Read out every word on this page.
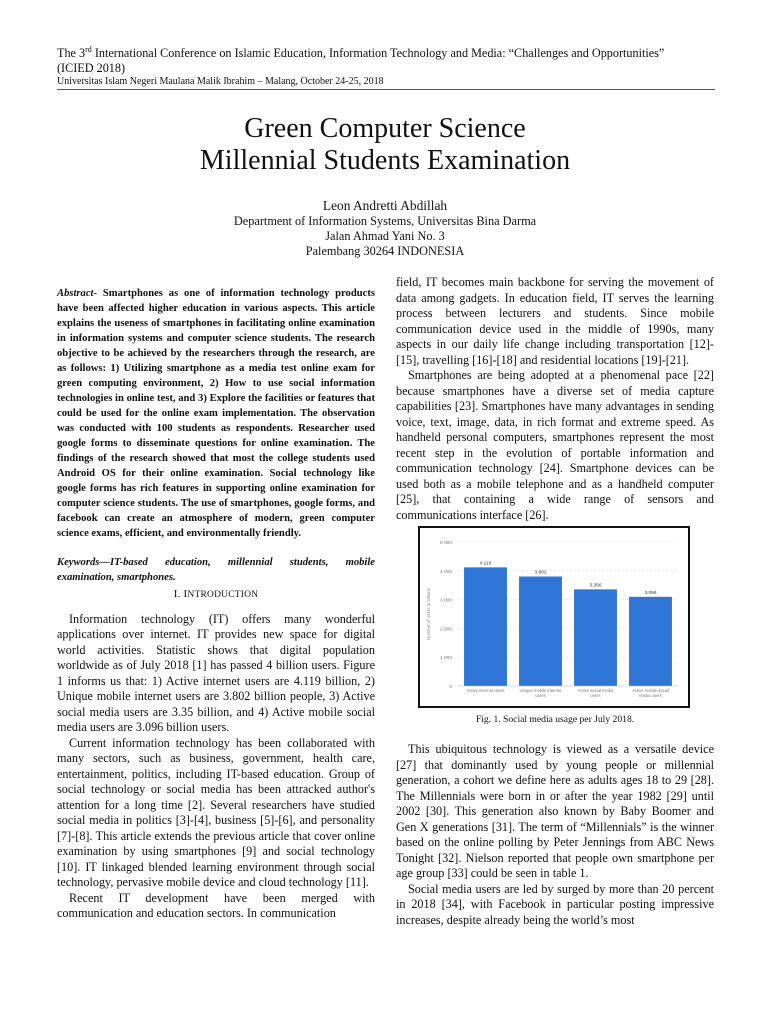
The 3rd International Conference on Islamic Education, Information Technology and Media: “Challenges and Opportunities”
(ICIED 2018)
Universitas Islam Negeri Maulana Malik Ibrahim – Malang, October 24-25, 2018
Green Computer Science
Millennial Students Examination
Leon Andretti Abdillah
Department of Information Systems, Universitas Bina Darma
Jalan Ahmad Yani No. 3
Palembang 30264 INDONESIA

Abstract- Smartphones as one of information technology products have been affected higher education in various aspects. This article explains the useness of smartphones in facilitating online examination in information systems and computer science students. The research objective to be achieved by the researchers through the research, are as follows: 1) Utilizing smartphone as a media test online exam for green computing environment, 2) How to use social information technologies in online test, and 3) Explore the facilities or features that could be used for the online exam implementation. The observation was conducted with 100 students as respondents. Researcher used google forms to disseminate questions for online examination. The findings of the research showed that most the college students used Android OS for their online examination. Social technology like google forms has rich features in supporting online examination for computer science students. The use of smartphones, google forms, and facebook can create an atmosphere of modern, green computer science exams, efficient, and environmentally friendly.

Keywords—IT-based education, millennial students, mobile examination, smartphones.

I. INTRODUCTION

Information technology (IT) offers many wonderful applications over internet. IT provides new space for digital world activities. Statistic shows that digital population worldwide as of July 2018 [1] has passed 4 billion users. Figure 1 informs us that: 1) Active internet users are 4.119 billion, 2) Unique mobile internet users are 3.802 billion people, 3) Active social media users are 3.35 billion, and 4) Active mobile social media users are 3.096 billion users.

Current information technology has been collaborated with many sectors, such as business, government, health care, entertainment, politics, including IT-based education. Group of social technology or social media has been attracked author's attention for a long time [2]. Several researchers have studied social media in politics [3]-[4], business [5]-[6], and personality [7]-[8]. This article extends the previous article that cover online examination by using smartphones [9] and social technology [10]. IT linkaged blended learning environment through social technology, pervasive mobile device and cloud technology [11].

Recent IT development have been merged with communication and education sectors. In communication

field, IT becomes main backbone for serving the movement of data among gadgets. In education field, IT serves the learning process between lecturers and students. Since mobile communication device used in the middle of 1990s, many aspects in our daily life change including transportation [12]-[15], travelling [16]-[18] and residential locations [19]-[21].

Smartphones are being adopted at a phenomenal pace [22] because smartphones have a diverse set of media capture capabilities [23]. Smartphones have many advantages in sending voice, text, image, data, in rich format and extreme speed. As handheld personal computers, smartphones represent the most recent step in the evolution of portable information and communication technology [24]. Smartphone devices can be used both as a mobile telephone and as a handheld computer [25], that containing a wide range of sensors and communications interface [26].

0
1 000
2 000
3 000
4 000
5 000
Number of users in billions
4.119
Active internet users
3.802
Unique mobile internet users
3.356
Active social media users
3.096
Active mobile social media users
Fig. 1. Social media usage per July 2018.

This ubiquitous technology is viewed as a versatile device [27] that dominantly used by young people or millennial generation, a cohort we define here as adults ages 18 to 29 [28]. The Millennials were born in or after the year 1982 [29] until 2002 [30]. This generation also known by Baby Boomer and Gen X generations [31]. The term of “Millennials” is the winner based on the online polling by Peter Jennings from ABC News Tonight [32]. Nielson reported that people own smartphone per age group [33] could be seen in table 1.

Social media users are led by surged by more than 20 percent in 2018 [34], with Facebook in particular posting impressive increases, despite already being the world’s most
